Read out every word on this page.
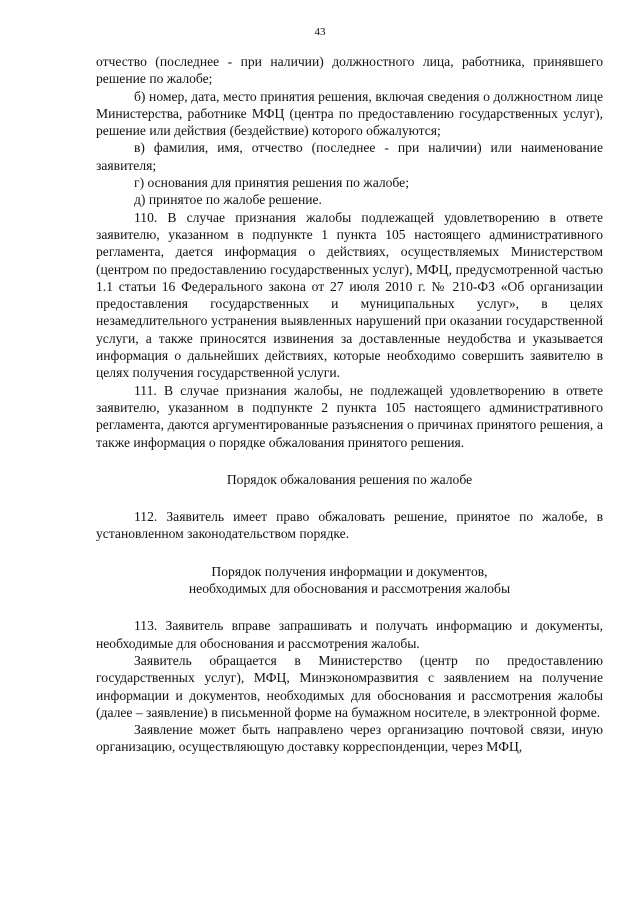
43

отчество (последнее - при наличии) должностного лица, работника, принявшего решение по жалобе;

б) номер, дата, место принятия решения, включая сведения о должностном лице Министерства, работнике МФЦ (центра по предоставлению государственных услуг), решение или действия (бездействие) которого обжалуются;

в) фамилия, имя, отчество (последнее - при наличии) или наименование заявителя;

г) основания для принятия решения по жалобе;

д) принятое по жалобе решение.

110. В случае признания жалобы подлежащей удовлетворению в ответе заявителю, указанном в подпункте 1 пункта 105 настоящего административного регламента, дается информация о действиях, осуществляемых Министерством (центром по предоставлению государственных услуг), МФЦ, предусмотренной частью 1.1 статьи 16 Федерального закона от 27 июля 2010 г. № 210-ФЗ «Об организации предоставления государственных и муниципальных услуг», в целях незамедлительного устранения выявленных нарушений при оказании государственной услуги, а также приносятся извинения за доставленные неудобства и указывается информация о дальнейших действиях, которые необходимо совершить заявителю в целях получения государственной услуги.

111. В случае признания жалобы, не подлежащей удовлетворению в ответе заявителю, указанном в подпункте 2 пункта 105 настоящего административного регламента, даются аргументированные разъяснения о причинах принятого решения, а также информация о порядке обжалования принятого решения.

Порядок обжалования решения по жалобе

112. Заявитель имеет право обжаловать решение, принятое по жалобе, в установленном законодательством порядке.

Порядок получения информации и документов,

необходимых для обоснования и рассмотрения жалобы

113. Заявитель вправе запрашивать и получать информацию и документы, необходимые для обоснования и рассмотрения жалобы.

Заявитель обращается в Министерство (центр по предоставлению государственных услуг), МФЦ, Минэкономразвития с заявлением на получение информации и документов, необходимых для обоснования и рассмотрения жалобы (далее – заявление) в письменной форме на бумажном носителе, в электронной форме.

Заявление может быть направлено через организацию почтовой связи, иную организацию, осуществляющую доставку корреспонденции, через МФЦ,
